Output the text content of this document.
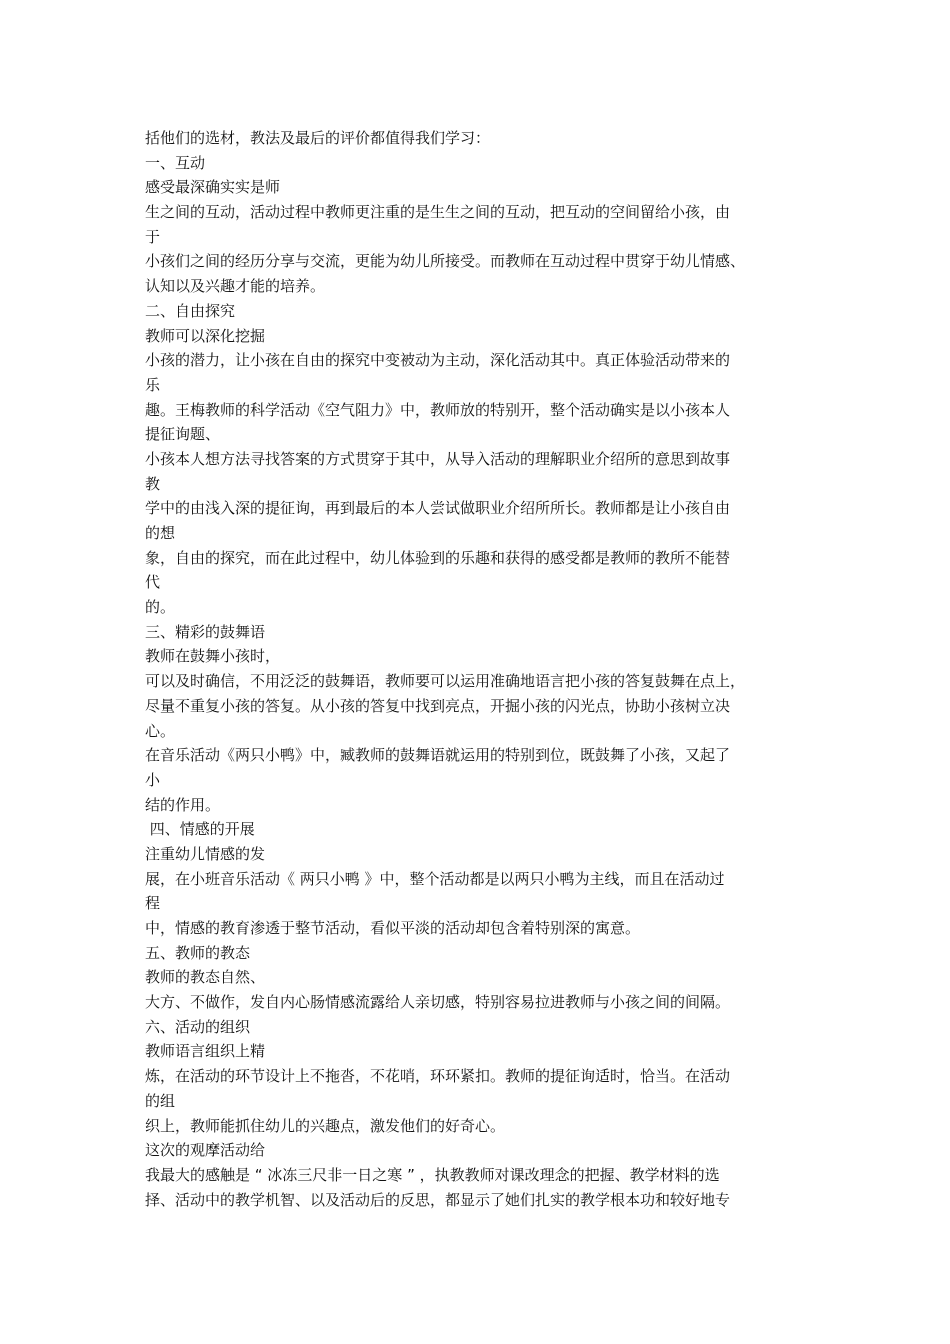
括他们的选材，教法及最后的评价都值得我们学习：
一、互动
感受最深确实实是师
生之间的互动，活动过程中教师更注重的是生生之间的互动，把互动的空间留给小孩，由
于
小孩们之间的经历分享与交流，更能为幼儿所接受。而教师在互动过程中贯穿于幼儿情感、
认知以及兴趣才能的培养。
二、自由探究
教师可以深化挖掘
小孩的潜力，让小孩在自由的探究中变被动为主动，深化活动其中。真正体验活动带来的
乐
趣。王梅教师的科学活动《空气阻力》中，教师放的特别开，整个活动确实是以小孩本人
提征询题、
小孩本人想方法寻找答案的方式贯穿于其中，从导入活动的理解职业介绍所的意思到故事
教
学中的由浅入深的提征询，再到最后的本人尝试做职业介绍所所长。教师都是让小孩自由
的想
象，自由的探究，而在此过程中，幼儿体验到的乐趣和获得的感受都是教师的教所不能替
代
的。
三、精彩的鼓舞语
教师在鼓舞小孩时，
可以及时确信，不用泛泛的鼓舞语，教师要可以运用准确地语言把小孩的答复鼓舞在点上，
尽量不重复小孩的答复。从小孩的答复中找到亮点，开掘小孩的闪光点，协助小孩树立决
心。
在音乐活动《两只小鸭》中，臧教师的鼓舞语就运用的特别到位，既鼓舞了小孩，又起了
小
结的作用。
四、情感的开展
注重幼儿情感的发
展，在小班音乐活动《 两只小鸭 》中，整个活动都是以两只小鸭为主线，而且在活动过
程
中，情感的教育渗透于整节活动，看似平淡的活动却包含着特别深的寓意。
五、教师的教态
教师的教态自然、
大方、不做作，发自内心肠情感流露给人亲切感，特别容易拉进教师与小孩之间的间隔。
六、活动的组织
教师语言组织上精
炼，在活动的环节设计上不拖沓，不花哨，环环紧扣。教师的提征询适时，恰当。在活动
的组
织上，教师能抓住幼儿的兴趣点，激发他们的好奇心。
这次的观摩活动给
我最大的感触是 “ 冰冻三尺非一日之寒 ” ，执教教师对课改理念的把握、教学材料的选
择、活动中的教学机智、以及活动后的反思，都显示了她们扎实的教学根本功和较好地专
